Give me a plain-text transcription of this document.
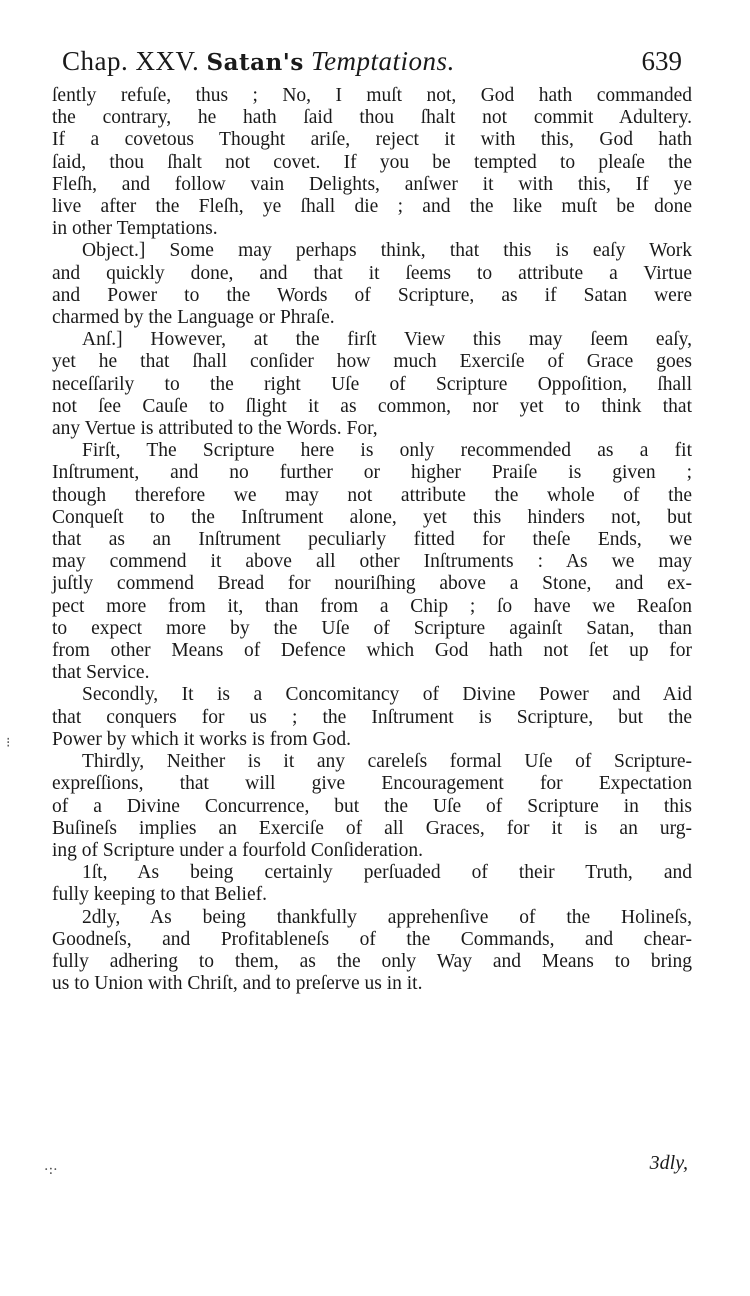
Chap. XXV. Satan's Temptations.	639
ſently refuſe, thus ; No, I muſt not, God hath commanded
the contrary, he hath ſaid thou ſhalt not commit Adultery.
If a covetous Thought ariſe, reject it with this, God hath
ſaid, thou ſhalt not covet. If you be tempted to pleaſe the
Fleſh, and follow vain Delights, anſwer it with this, If ye
live after the Fleſh, ye ſhall die ; and the like muſt be done
in other Temptations.
Object.] Some may perhaps think, that this is eaſy Work
and quickly done, and that it ſeems to attribute a Virtue
and Power to the Words of Scripture, as if Satan were
charmed by the Language or Phraſe.
Anſ.] However, at the firſt View this may ſeem eaſy,
yet he that ſhall conſider how much Exerciſe of Grace goes
neceſſarily to the right Uſe of Scripture Oppoſition, ſhall
not ſee Cauſe to ſlight it as common, nor yet to think that
any Vertue is attributed to the Words. For,
Firſt, The Scripture here is only recommended as a fit
Inſtrument, and no further or higher Praiſe is given ;
though therefore we may not attribute the whole of the
Conqueſt to the Inſtrument alone, yet this hinders not, but
that as an Inſtrument peculiarly fitted for theſe Ends, we
may commend it above all other Inſtruments : As we may
juſtly commend Bread for nouriſhing above a Stone, and ex-
pect more from it, than from a Chip ; ſo have we Reaſon
to expect more by the Uſe of Scripture againſt Satan, than
from other Means of Defence which God hath not ſet up for
that Service.
Secondly, It is a Concomitancy of Divine Power and Aid
that conquers for us ; the Inſtrument is Scripture, but the
Power by which it works is from God.
Thirdly, Neither is it any careleſs formal Uſe of Scripture-
expreſſions, that will give Encouragement for Expectation
of a Divine Concurrence, but the Uſe of Scripture in this
Buſineſs implies an Exerciſe of all Graces, for it is an urg-
ing of Scripture under a fourfold Conſideration.
1ſt, As being certainly perſuaded of their Truth, and
fully keeping to that Belief.
2dly, As being thankfully apprehenſive of the Holineſs,
Goodneſs, and Profitableneſs of the Commands, and chear-
fully adhering to them, as the only Way and Means to bring
us to Union with Chriſt, and to preſerve us in it.
3dly,
⁝
·:·
